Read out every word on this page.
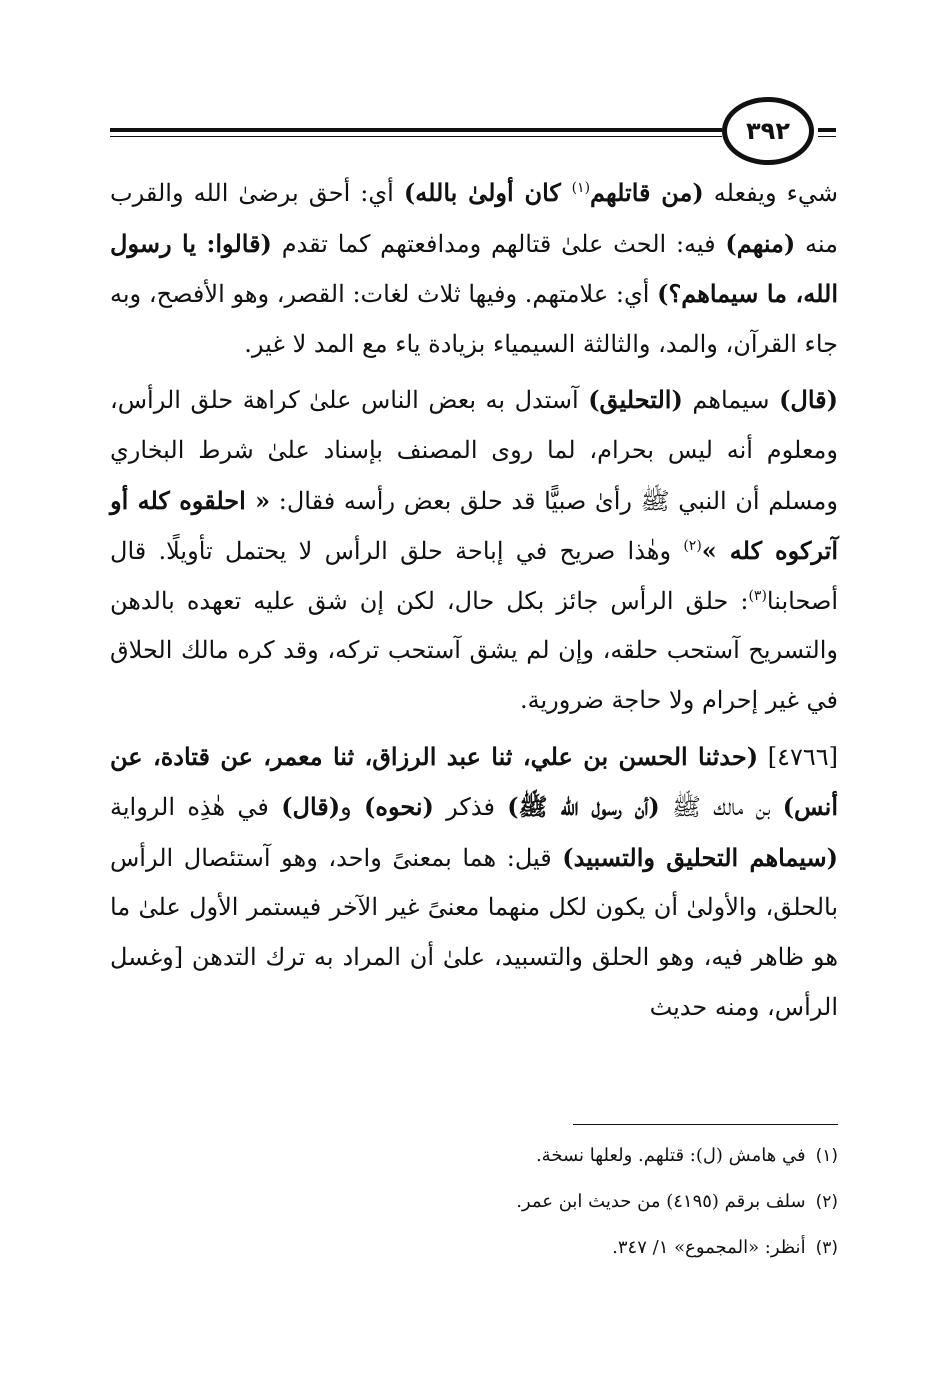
٣٩٢

شيء ويفعله (من قاتلهم$^{(١)}$ كان أولىٰ بالله) أي: أحق برضىٰ الله والقرب منه (منهم) فيه: الحث علىٰ قتالهم ومدافعتهم كما تقدم (قالوا: يا رسول الله، ما سيماهم؟) أي: علامتهم. وفيها ثلاث لغات: القصر، وهو الأفصح، وبه جاء القرآن، والمد، والثالثة السيمياء بزيادة ياء مع المد لا غير.

(قال) سيماهم (التحليق) آستدل به بعض الناس علىٰ كراهة حلق الرأس، ومعلوم أنه ليس بحرام، لما روى المصنف بإسناد علىٰ شرط البخاري ومسلم أن النبي ﷺ رأىٰ صبيًّا قد حلق بعض رأسه فقال: « احلقوه كله أو آتركوه كله »$^{(٢)}$ وهٰذا صريح في إباحة حلق الرأس لا يحتمل تأويلًا. قال أصحابنا$^{(٣)}$: حلق الرأس جائز بكل حال، لكن إن شق عليه تعهده بالدهن والتسريح آستحب حلقه، وإن لم يشق آستحب تركه، وقد كره مالك الحلاق في غير إحرام ولا حاجة ضرورية.

[٤٧٦٦] (حدثنا الحسن بن علي، ثنا عبد الرزاق، ثنا معمر، عن قتادة، عن أنس) بن مالك ﷺ (أن رسول الله ﷺ) فذكر (نحوه) و(قال) في هٰذِه الرواية (سيماهم التحليق والتسبيد) قيل: هما بمعنىً واحد، وهو آستئصال الرأس بالحلق، والأولىٰ أن يكون لكل منهما معنىً غير الآخر فيستمر الأول علىٰ ما هو ظاهر فيه، وهو الحلق والتسبيد، علىٰ أن المراد به ترك التدهن [وغسل الرأس، ومنه حديث

(١)
في هامش (ل): قتلهم. ولعلها نسخة.

(٢)
سلف برقم (٤١٩٥) من حديث ابن عمر.

(٣)
أنظر: «المجموع» ١/ ٣٤٧.
